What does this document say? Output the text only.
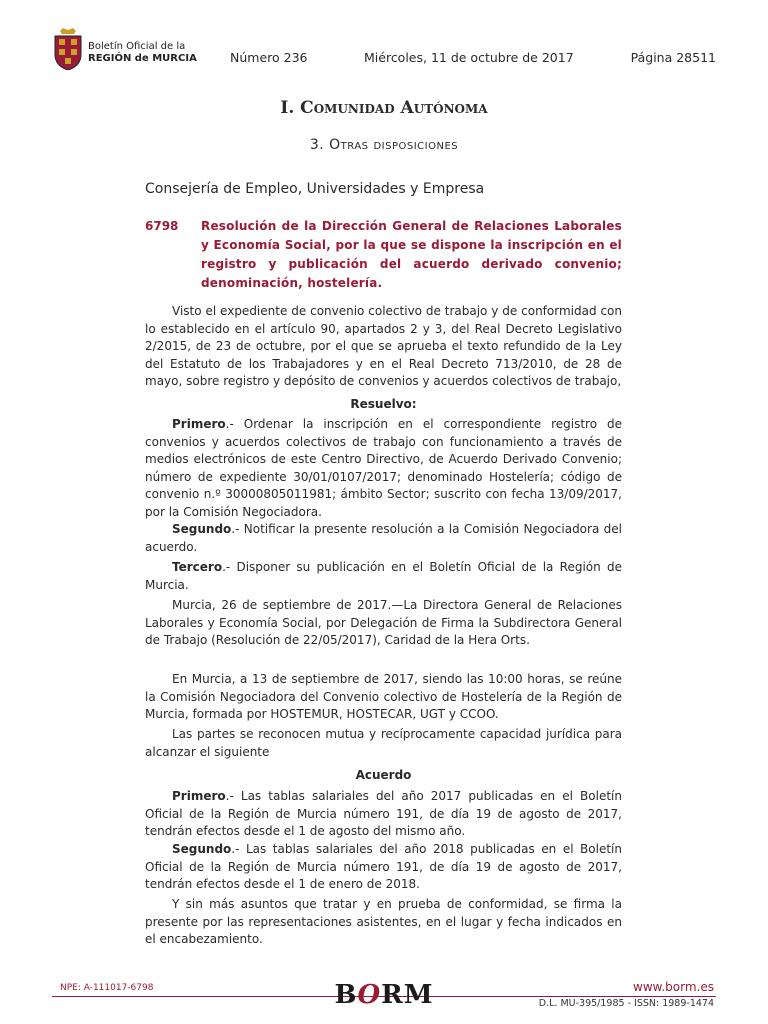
Boletín Oficial de la
REGIÓN de MURCIA	Número 236	Miércoles, 11 de octubre de 2017	Página 28511
I. Comunidad Autónoma
3. Otras disposiciones
Consejería de Empleo, Universidades y Empresa
6798 Resolución de la Dirección General de Relaciones Laborales y Economía Social, por la que se dispone la inscripción en el registro y publicación del acuerdo derivado convenio; denominación, hostelería.
Visto el expediente de convenio colectivo de trabajo y de conformidad con lo establecido en el artículo 90, apartados 2 y 3, del Real Decreto Legislativo 2/2015, de 23 de octubre, por el que se aprueba el texto refundido de la Ley del Estatuto de los Trabajadores y en el Real Decreto 713/2010, de 28 de mayo, sobre registro y depósito de convenios y acuerdos colectivos de trabajo,
Resuelvo:
Primero.- Ordenar la inscripción en el correspondiente registro de convenios y acuerdos colectivos de trabajo con funcionamiento a través de medios electrónicos de este Centro Directivo, de Acuerdo Derivado Convenio; número de expediente 30/01/0107/2017; denominado Hostelería; código de convenio n.º 30000805011981; ámbito Sector; suscrito con fecha 13/09/2017, por la Comisión Negociadora.
Segundo.- Notificar la presente resolución a la Comisión Negociadora del acuerdo.
Tercero.- Disponer su publicación en el Boletín Oficial de la Región de Murcia.
Murcia, 26 de septiembre de 2017.—La Directora General de Relaciones Laborales y Economía Social, por Delegación de Firma la Subdirectora General de Trabajo (Resolución de 22/05/2017), Caridad de la Hera Orts.
En Murcia, a 13 de septiembre de 2017, siendo las 10:00 horas, se reúne la Comisión Negociadora del Convenio colectivo de Hostelería de la Región de Murcia, formada por HOSTEMUR, HOSTECAR, UGT y CCOO.
Las partes se reconocen mutua y recíprocamente capacidad jurídica para alcanzar el siguiente
Acuerdo
Primero.- Las tablas salariales del año 2017 publicadas en el Boletín Oficial de la Región de Murcia número 191, de día 19 de agosto de 2017, tendrán efectos desde el 1 de agosto del mismo año.
Segundo.- Las tablas salariales del año 2018 publicadas en el Boletín Oficial de la Región de Murcia número 191, de día 19 de agosto de 2017, tendrán efectos desde el 1 de enero de 2018.
Y sin más asuntos que tratar y en prueba de conformidad, se firma la presente por las representaciones asistentes, en el lugar y fecha indicados en el encabezamiento.
NPE: A-111017-6798	BORM	www.borm.es
D.L. MU-395/1985 - ISSN: 1989-1474
